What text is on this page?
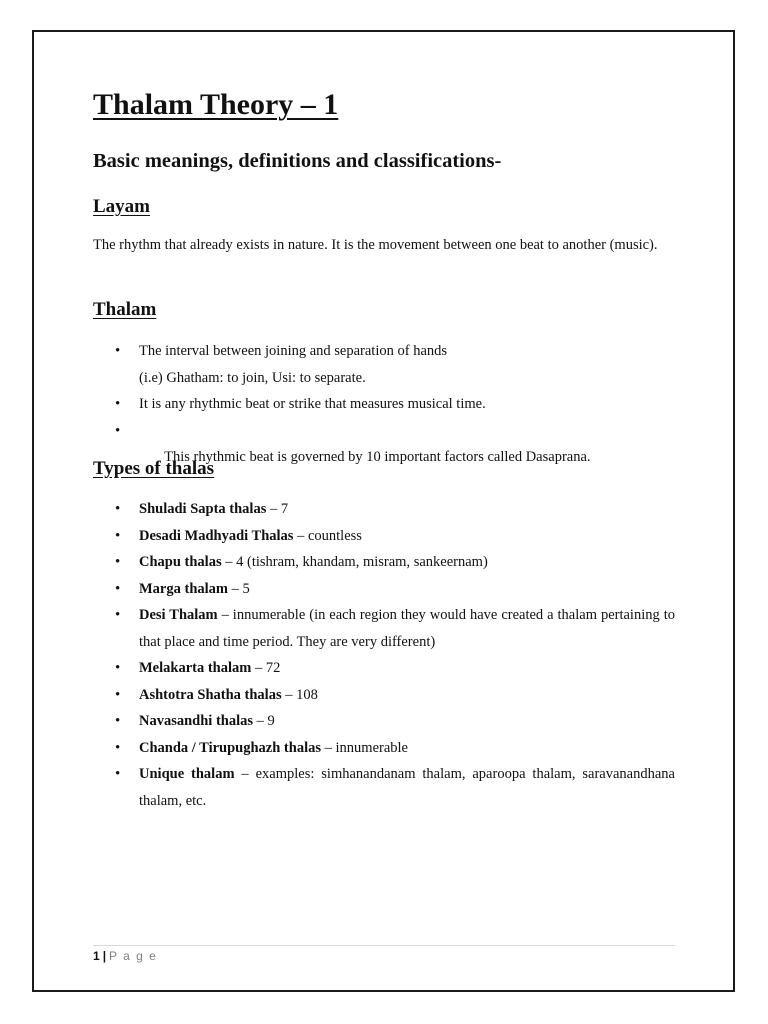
Thalam Theory – 1
Basic meanings, definitions and classifications-
Layam

The rhythm that already exists in nature. It is the movement between one beat to another (music).

Thalam
• The interval between joining and separation of hands
(i.e) Ghatham: to join, Usi: to separate.
• It is any rhythmic beat or strike that measures musical time.

•  This rhythmic beat is governed by 10 important factors called Dasaprana.

Types of thalas
• Shuladi Sapta thalas – 7
• Desadi Madhyadi Thalas – countless
• Chapu thalas – 4 (tishram, khandam, misram, sankeernam)
• Marga thalam – 5
• Desi Thalam – innumerable (in each region they would have created a thalam pertaining to that place and time period. They are very different)
• Melakarta thalam – 72
• Ashtotra Shatha thalas – 108
• Navasandhi thalas – 9
• Chanda / Tirupughazh thalas – innumerable
• Unique thalam – examples: simhanandanam thalam, aparoopa thalam, saravanandhana thalam, etc.
1 | P a g e
